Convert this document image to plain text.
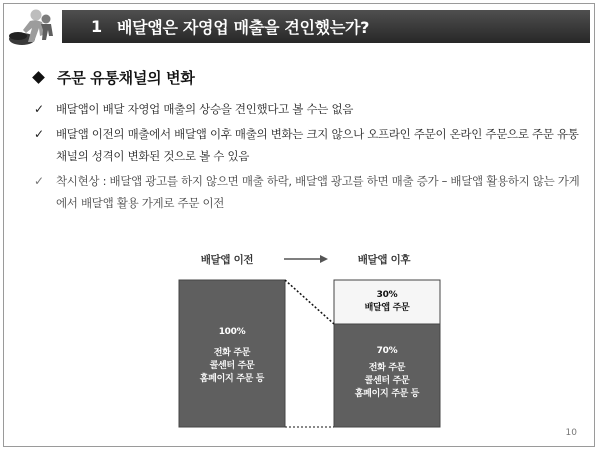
1 배달앱은 자영업 매출을 견인했는가?
주문 유통채널의 변화
✓	배달앱이 배달 자영업 매출의 상승을 견인했다고 볼 수는 없음
✓	배달앱 이전의 매출에서 배달앱 이후 매출의 변화는 크지 않으나 오프라인 주문이 온라인 주문으로 주문 유통채널의 성격이 변화된 것으로 볼 수 있음
✓	착시현상 : 배달앱 광고를 하지 않으면 매출 하락, 배달앱 광고를 하면 매출 증가 – 배달앱 활용하지 않는 가게에서 배달앱 활용 가게로 주문 이전
배달앱 이전	배달앱 이후
100%
전화 주문
콜센터 주문
홈페이지 주문 등
30%
배달앱 주문
70%
전화 주문
콜센터 주문
홈페이지 주문 등
10
